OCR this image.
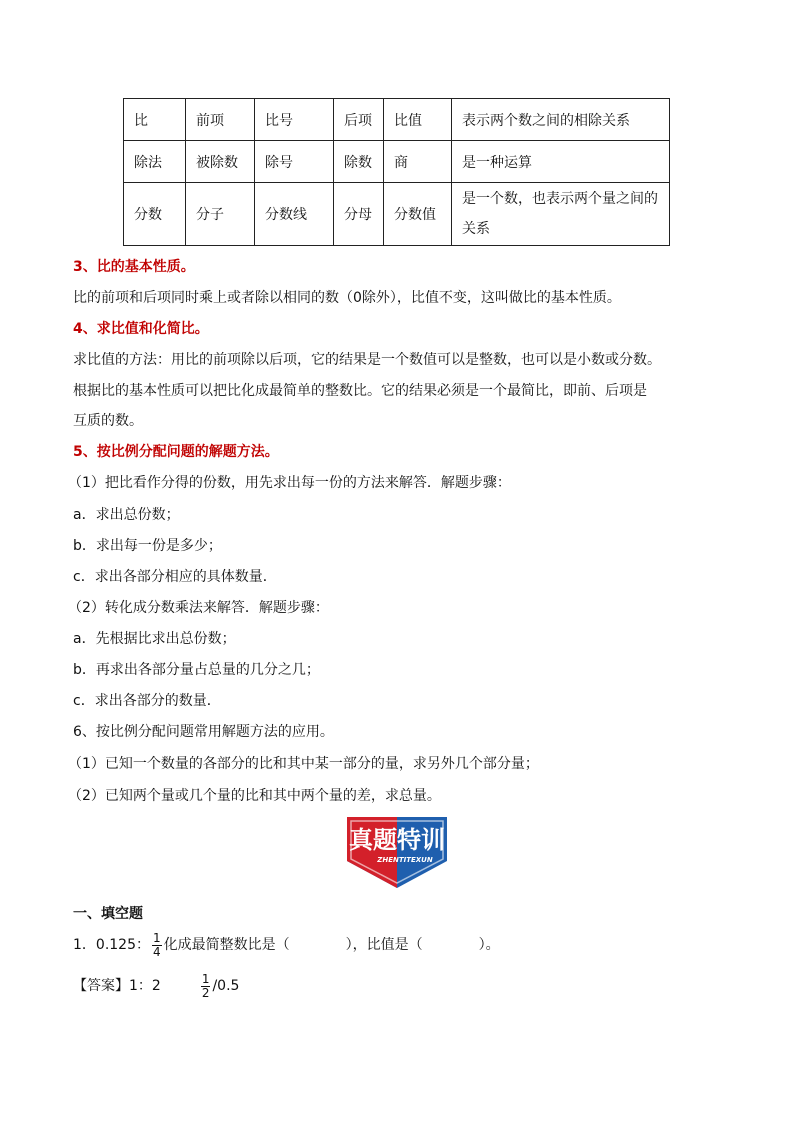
比	前项	比号	后项	比值	表示两个数之间的相除关系
除法	被除数	除号	除数	商	是一种运算
分数	分子	分数线	分母	分数值	是一个数，也表示两个量之间的关系
3、比的基本性质。
比的前项和后项同时乘上或者除以相同的数（0除外），比值不变，这叫做比的基本性质。
4、求比值和化简比。
求比值的方法：用比的前项除以后项，它的结果是一个数值可以是整数，也可以是小数或分数。
根据比的基本性质可以把比化成最简单的整数比。它的结果必须是一个最简比，即前、后项是
互质的数。
5、按比例分配问题的解题方法。
（1）把比看作分得的份数，用先求出每一份的方法来解答．解题步骤：
a．求出总份数；
b．求出每一份是多少；
c．求出各部分相应的具体数量．
（2）转化成分数乘法来解答．解题步骤：
a．先根据比求出总份数；
b．再求出各部分量占总量的几分之几；
c．求出各部分的数量．
6、按比例分配问题常用解题方法的应用。
（1）已知一个数量的各部分的比和其中某一部分的量，求另外几个部分量；
（2）已知两个量或几个量的比和其中两个量的差，求总量。
真题特训
ZHENTITEXUN
一、填空题
1．0.125： $\frac{1}{4}$ 化成最简整数比是（　　　　），比值是（　　　　）。
【答案】1：2	$\frac{1}{2} /0.5$
